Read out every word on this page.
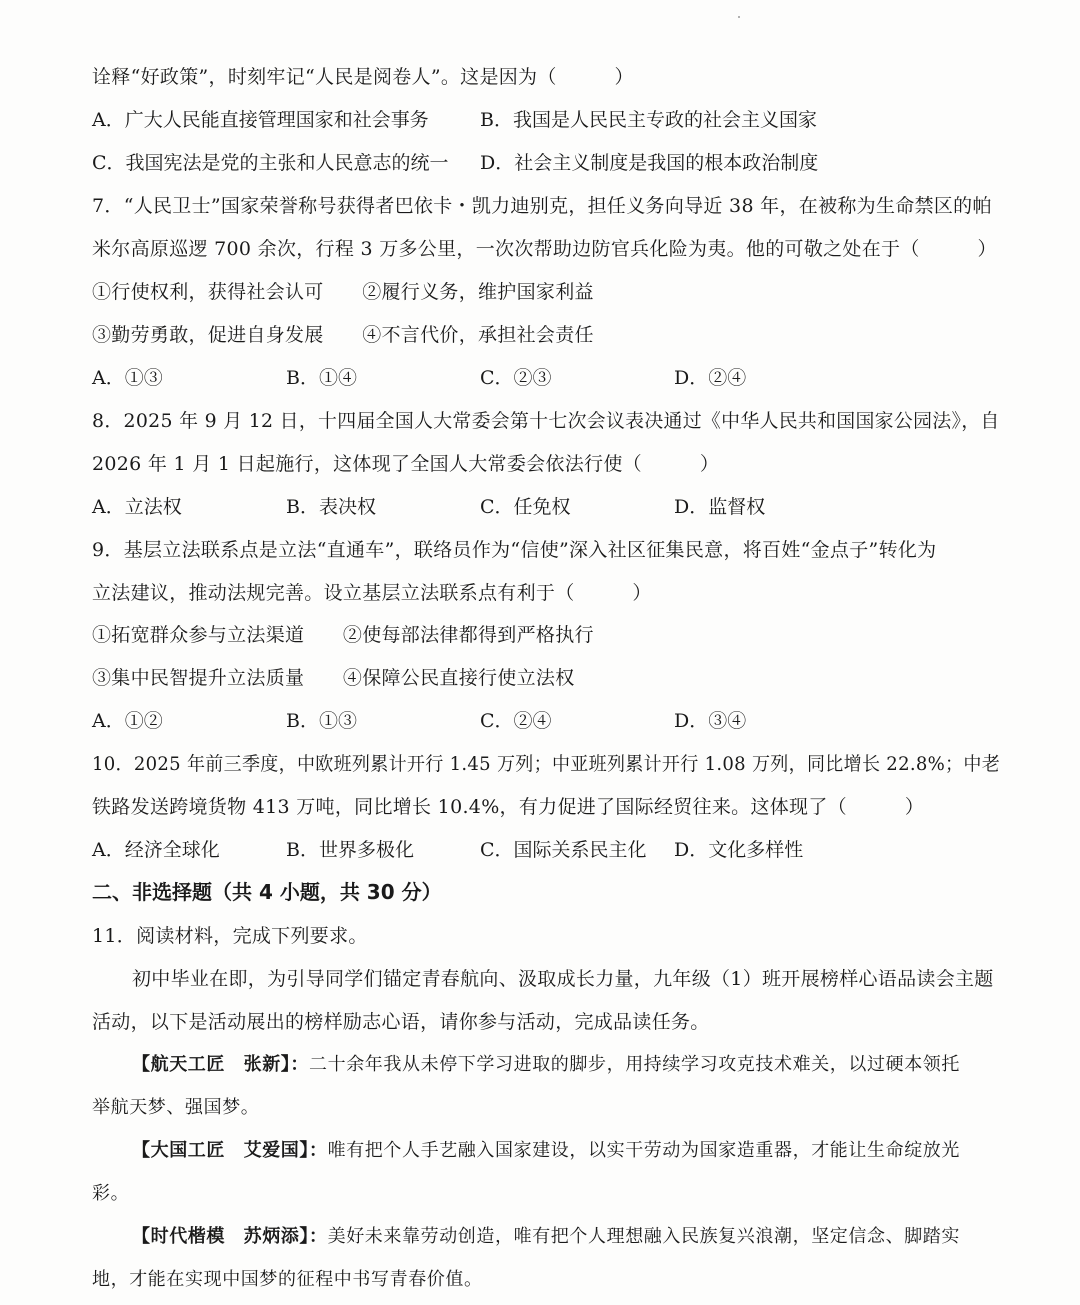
诠释“好政策”，时刻牢记“人民是阅卷人”。这是因为（　　　）
A．广大人民能直接管理国家和社会事务	B．我国是人民民主专政的社会主义国家
C．我国宪法是党的主张和人民意志的统一 D．社会主义制度是我国的根本政治制度
7．“人民卫士”国家荣誉称号获得者巴依卡・凯力迪别克，担任义务向导近 38 年，在被称为生命禁区的帕
米尔高原巡逻 700 余次，行程 3 万多公里，一次次帮助边防官兵化险为夷。他的可敬之处在于（　　　）
①行使权利，获得社会认可　　②履行义务，维护国家利益
③勤劳勇敢，促进自身发展　　④不言代价，承担社会责任
A．①③	B．①④	C．②③	D．②④
8．2025 年 9 月 12 日，十四届全国人大常委会第十七次会议表决通过《中华人民共和国国家公园法》，自
2026 年 1 月 1 日起施行，这体现了全国人大常委会依法行使（　　　）
A．立法权	B．表决权	C．任免权	D．监督权
9．基层立法联系点是立法“直通车”，联络员作为“信使”深入社区征集民意，将百姓“金点子”转化为
立法建议，推动法规完善。设立基层立法联系点有利于（　　　）
①拓宽群众参与立法渠道　　②使每部法律都得到严格执行
③集中民智提升立法质量　　④保障公民直接行使立法权
A．①②	B．①③	C．②④	D．③④
10．2025 年前三季度，中欧班列累计开行 1.45 万列；中亚班列累计开行 1.08 万列，同比增长 22.8%；中老
铁路发送跨境货物 413 万吨，同比增长 10.4%，有力促进了国际经贸往来。这体现了（　　　）
A．经济全球化	B．世界多极化	C．国际关系民主化 D．文化多样性
二、非选择题（共 4 小题，共 30 分）
11．阅读材料，完成下列要求。
初中毕业在即，为引导同学们锚定青春航向、汲取成长力量，九年级（1）班开展榜样心语品读会主题
活动，以下是活动展出的榜样励志心语，请你参与活动，完成品读任务。
【航天工匠　张新】：二十余年我从未停下学习进取的脚步，用持续学习攻克技术难关，以过硬本领托
举航天梦、强国梦。
【大国工匠　艾爱国】：唯有把个人手艺融入国家建设，以实干劳动为国家造重器，才能让生命绽放光
彩。
【时代楷模　苏炳添】：美好未来靠劳动创造，唯有把个人理想融入民族复兴浪潮，坚定信念、脚踏实
地，才能在实现中国梦的征程中书写青春价值。
